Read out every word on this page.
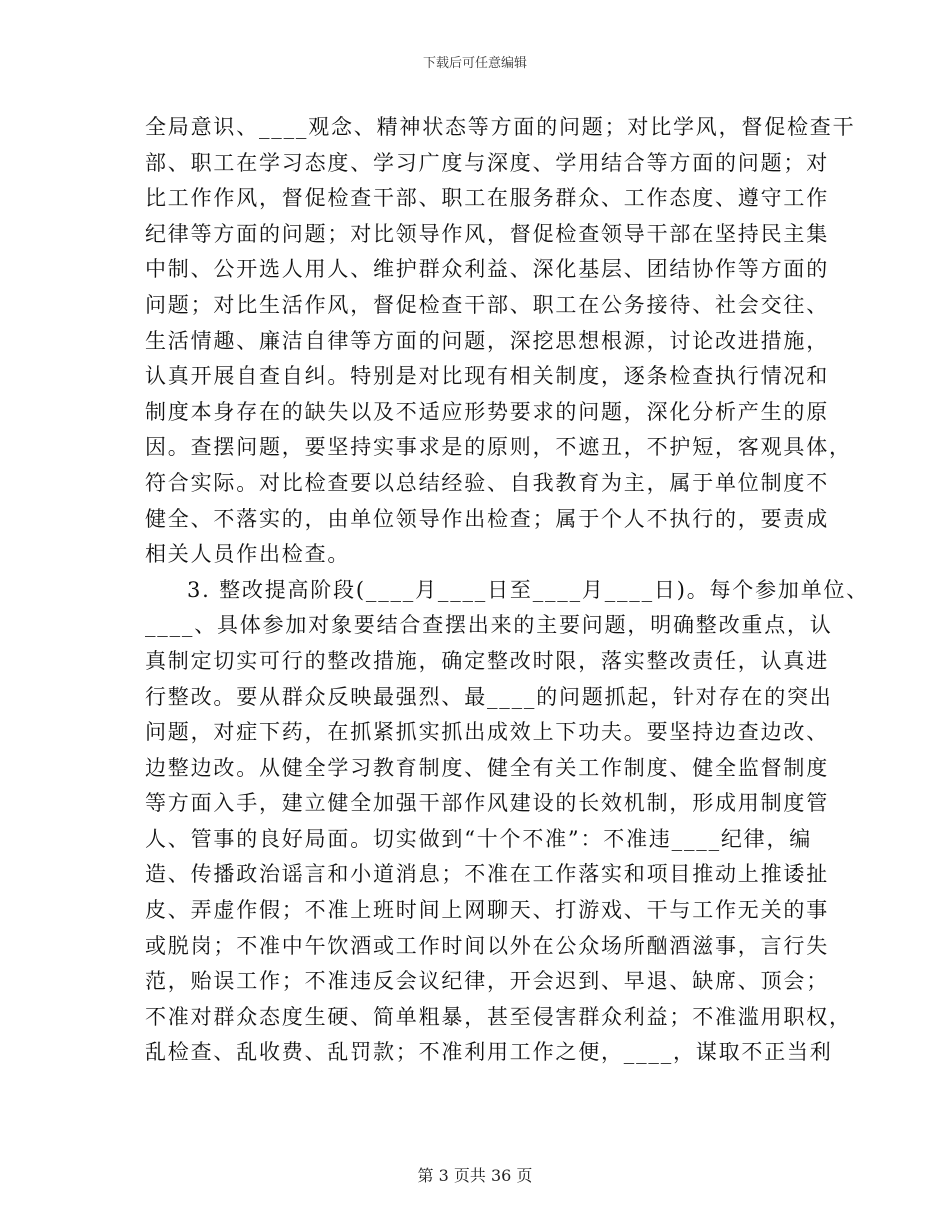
下载后可任意编辑
全局意识、____观念、精神状态等方面的问题；对比学风，督促检查干
部、职工在学习态度、学习广度与深度、学用结合等方面的问题；对
比工作作风，督促检查干部、职工在服务群众、工作态度、遵守工作
纪律等方面的问题；对比领导作风，督促检查领导干部在坚持民主集
中制、公开选人用人、维护群众利益、深化基层、团结协作等方面的
问题；对比生活作风，督促检查干部、职工在公务接待、社会交往、
生活情趣、廉洁自律等方面的问题，深挖思想根源，讨论改进措施，
认真开展自查自纠。特别是对比现有相关制度，逐条检查执行情况和
制度本身存在的缺失以及不适应形势要求的问题，深化分析产生的原
因。查摆问题，要坚持实事求是的原则，不遮丑，不护短，客观具体，
符合实际。对比检查要以总结经验、自我教育为主，属于单位制度不
健全、不落实的，由单位领导作出检查；属于个人不执行的，要责成
相关人员作出检查。
3. 整改提高阶段(____月____日至____月____日)。每个参加单位、
____、具体参加对象要结合查摆出来的主要问题，明确整改重点，认
真制定切实可行的整改措施，确定整改时限，落实整改责任，认真进
行整改。要从群众反映最强烈、最____的问题抓起，针对存在的突出
问题，对症下药，在抓紧抓实抓出成效上下功夫。要坚持边查边改、
边整边改。从健全学习教育制度、健全有关工作制度、健全监督制度
等方面入手，建立健全加强干部作风建设的长效机制，形成用制度管
人、管事的良好局面。切实做到“十个不准”：不准违____纪律，编
造、传播政治谣言和小道消息；不准在工作落实和项目推动上推诿扯
皮、弄虚作假；不准上班时间上网聊天、打游戏、干与工作无关的事
或脱岗；不准中午饮酒或工作时间以外在公众场所酗酒滋事，言行失
范，贻误工作；不准违反会议纪律，开会迟到、早退、缺席、顶会；
不准对群众态度生硬、简单粗暴，甚至侵害群众利益；不准滥用职权，
乱检查、乱收费、乱罚款；不准利用工作之便，____，谋取不正当利
第 3 页共 36 页
